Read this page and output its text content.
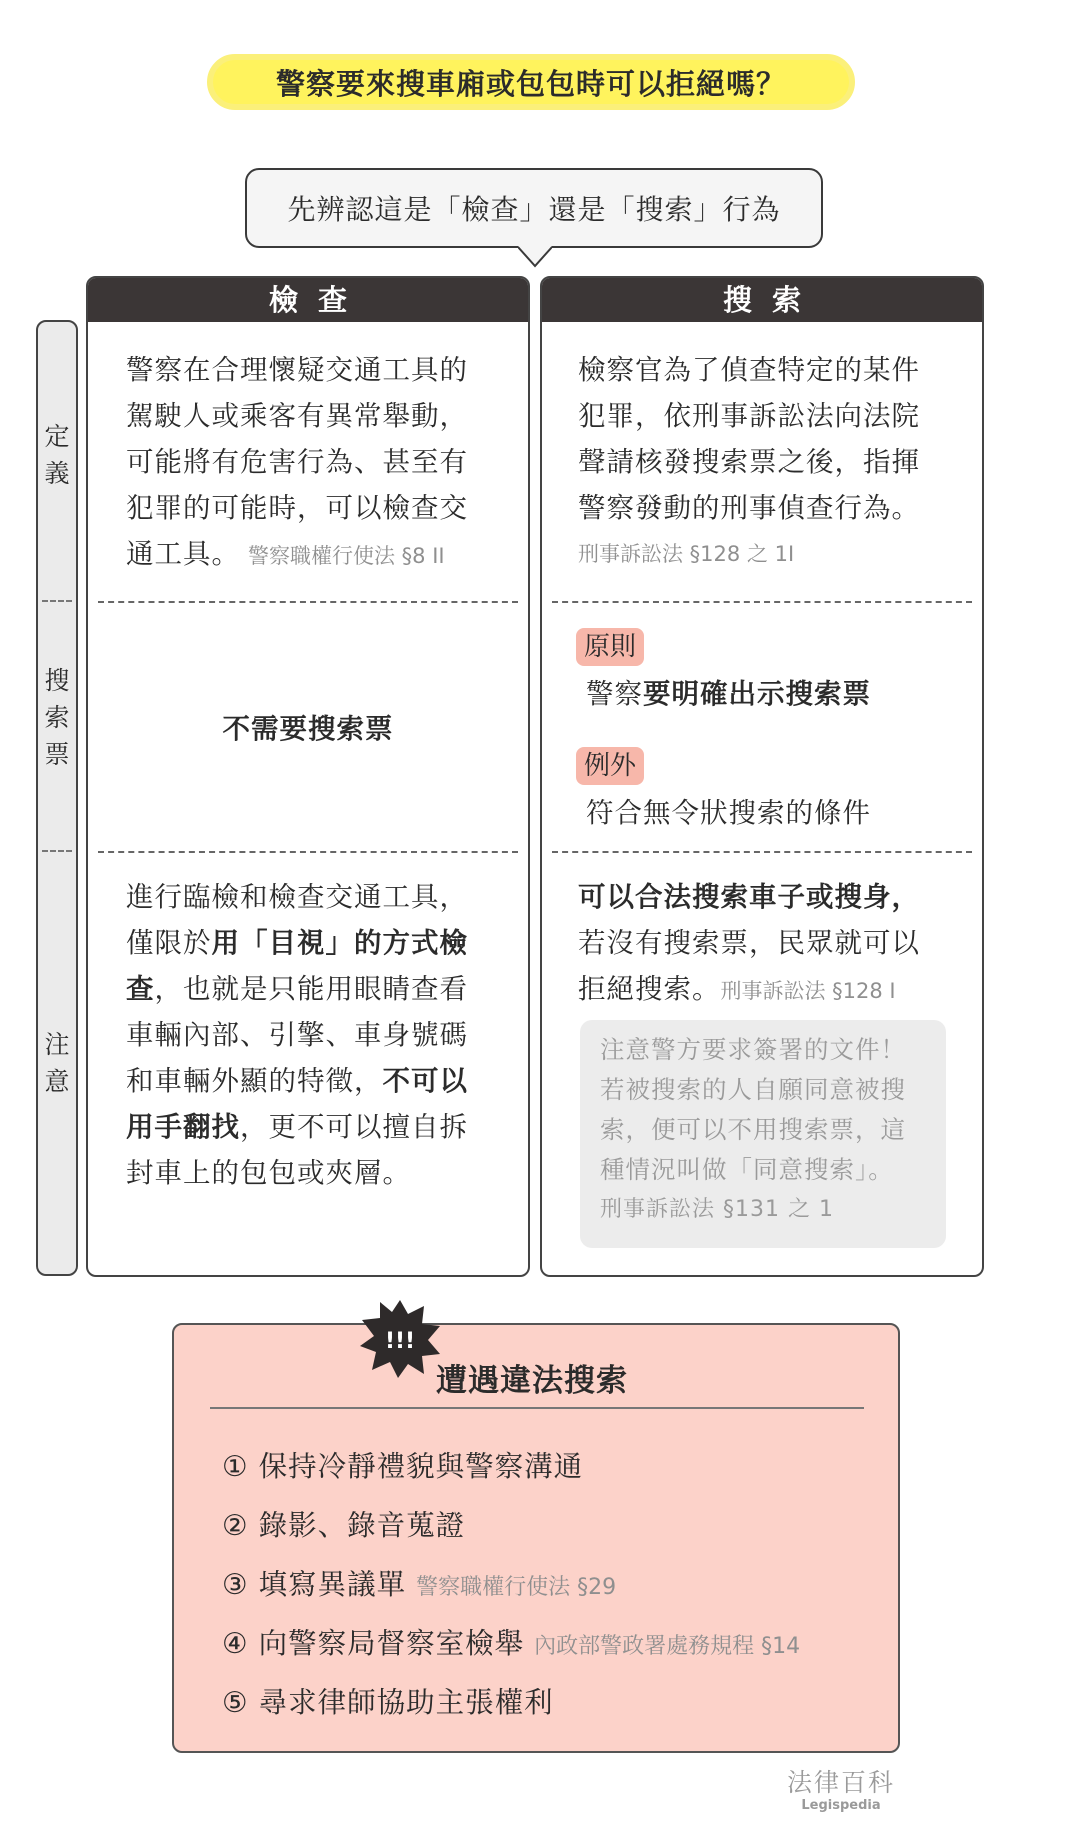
警察要來搜車廂或包包時可以拒絕嗎？
先辨認這是「檢查」還是「搜索」行為
定
義
搜
索
票
注
意
檢查
警察在合理懷疑交通工具的
駕駛人或乘客有異常舉動，
可能將有危害行為、甚至有
犯罪的可能時，可以檢查交
通工具。 警察職權行使法 §8 II
不需要搜索票
進行臨檢和檢查交通工具，
僅限於用「目視」的方式檢
查，也就是只能用眼睛查看
車輛內部、引擎、車身號碼
和車輛外顯的特徵，不可以
用手翻找，更不可以擅自拆
封車上的包包或夾層。
搜索
檢察官為了偵查特定的某件
犯罪，依刑事訴訟法向法院
聲請核發搜索票之後，指揮
警察發動的刑事偵查行為。
刑事訴訟法 §128 之 1I
原則
警察要明確出示搜索票
例外
符合無令狀搜索的條件
可以合法搜索車子或搜身，
若沒有搜索票，民眾就可以
拒絕搜索。刑事訴訟法 §128 I
注意警方要求簽署的文件！
若被搜索的人自願同意被搜
索，便可以不用搜索票，這
種情況叫做「同意搜索」。
刑事訴訟法 §131 之 1
遭遇違法搜索
① 保持冷靜禮貌與警察溝通
② 錄影、錄音蒐證
③ 填寫異議單 警察職權行使法 §29
④ 向警察局督察室檢舉 內政部警政署處務規程 §14
⑤ 尋求律師協助主張權利
!!!
法律百科
Legispedia
